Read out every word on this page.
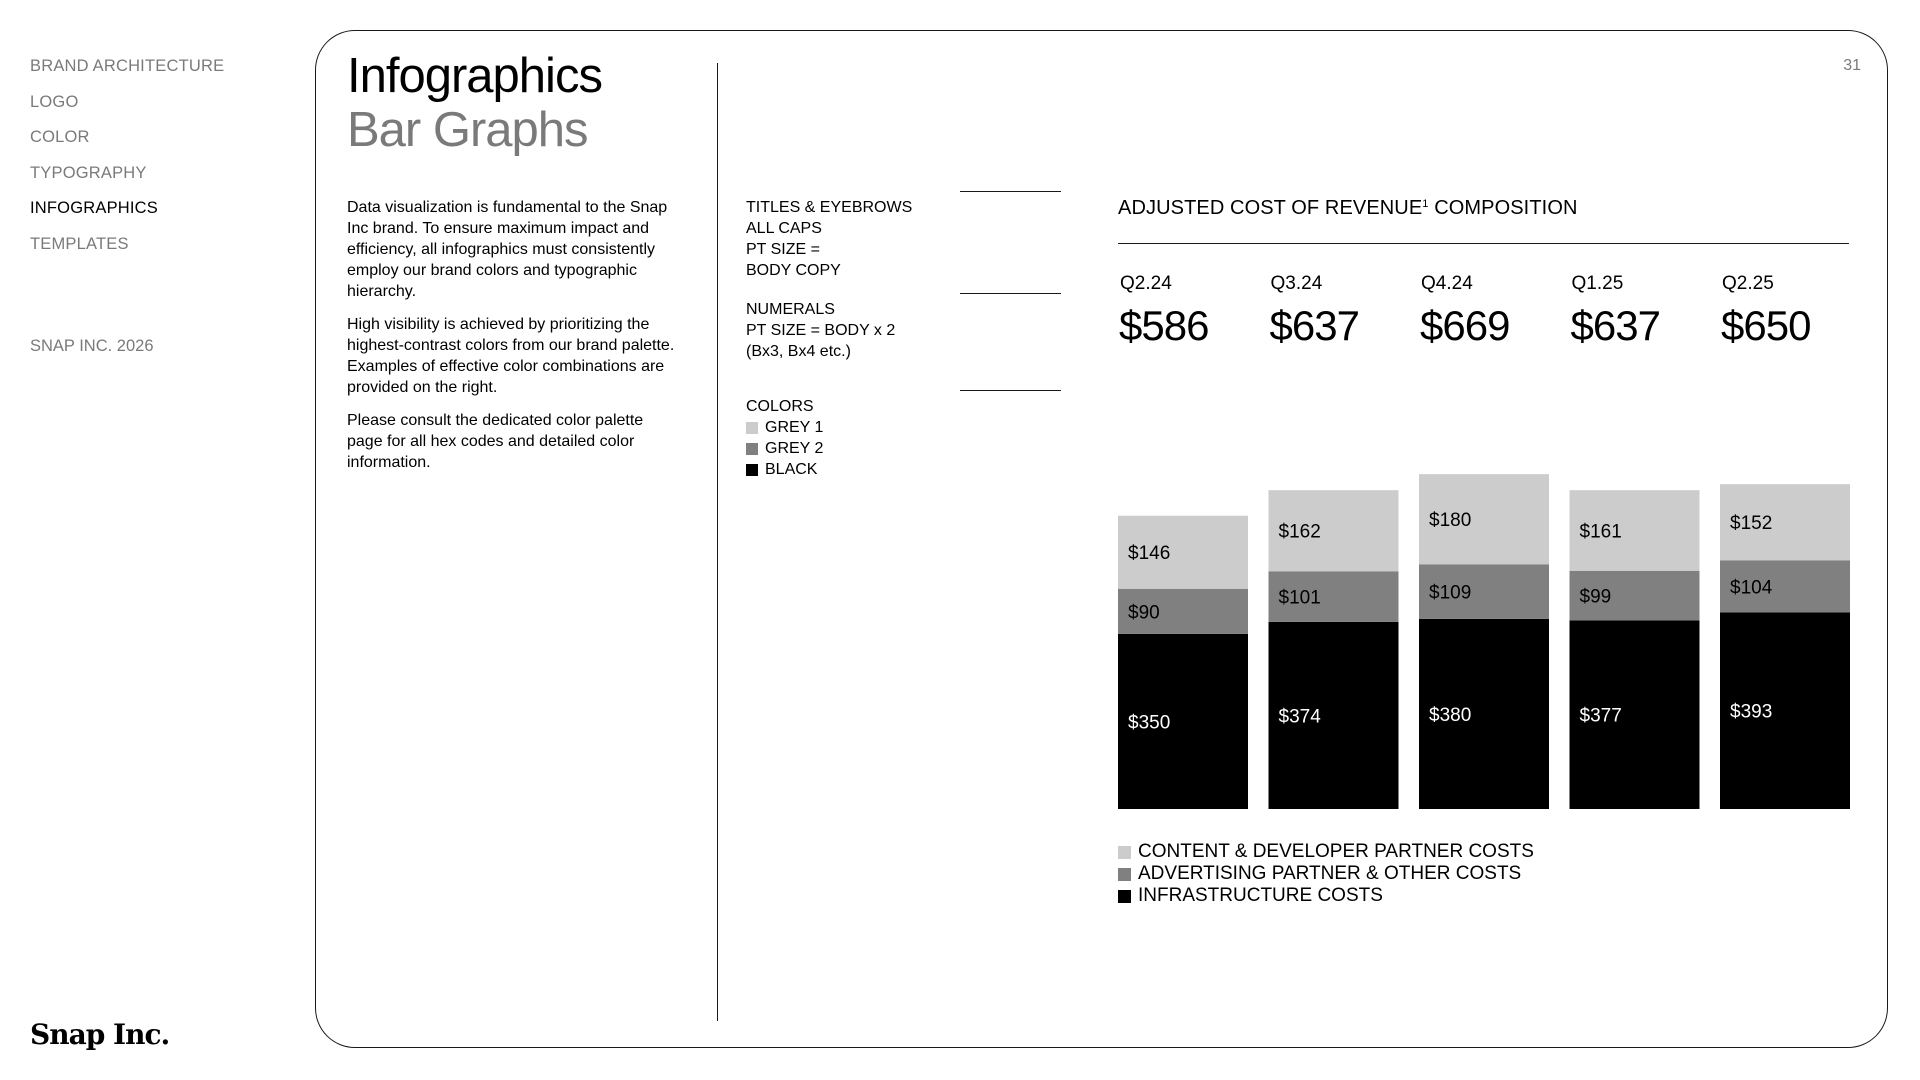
BRAND ARCHITECTURE
LOGO
COLOR
TYPOGRAPHY
INFOGRAPHICS
TEMPLATES
SNAP INC. 2026
Snap Inc.
31
Infographics
Bar Graphs

Data visualization is fundamental to the Snap Inc brand. To ensure maximum impact and efficiency, all infographics must consistently employ our brand colors and typographic hierarchy.

High visibility is achieved by prioritizing the highest-contrast colors from our brand palette. Examples of effective color combinations are provided on the right.

Please consult the dedicated color palette page for all hex codes and detailed color information.

TITLES & EYEBROWS
ALL CAPS
PT SIZE =
BODY COPY
NUMERALS
PT SIZE = BODY x 2
(Bx3, Bx4 etc.)
COLORS
GREY 1
GREY 2
BLACK
ADJUSTED COST OF REVENUE$^1$ COMPOSITION
Q2.24
$586
$350
$90
$146
Q3.24
$637
$374
$101
$162
Q4.24
$669
$380
$109
$180
Q1.25
$637
$377
$99
$161
Q2.25
$650
$393
$104
$152
CONTENT & DEVELOPER PARTNER COSTS
ADVERTISING PARTNER & OTHER COSTS
INFRASTRUCTURE COSTS
